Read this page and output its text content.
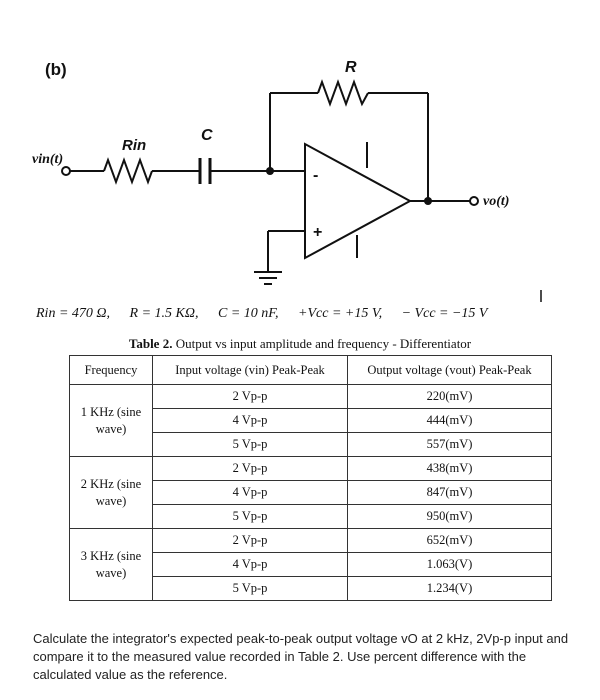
(b)	R
Rin
C
vin(t)
vo(t)
-
+
Rin = 470 Ω, R = 1.5 KΩ, C = 10 nF, +Vcc = +15 V, − Vcc = −15 V
Table 2. Output vs input amplitude and frequency - Differentiator
Frequency	Input voltage (vin) Peak-Peak	Output voltage (vout) Peak-Peak
1 KHz (sine wave)	2 Vp-p	220(mV)
	4 Vp-p	444(mV)
	5 Vp-p	557(mV)
2 KHz (sine wave)	2 Vp-p	438(mV)
	4 Vp-p	847(mV)
	5 Vp-p	950(mV)
3 KHz (sine wave)	2 Vp-p	652(mV)
	4 Vp-p	1.063(V)
	5 Vp-p	1.234(V)
Calculate the integrator's expected peak-to-peak output voltage vO at 2 kHz, 2Vp-p input and compare it to the measured value recorded in Table 2. Use percent difference with the calculated value as the reference.
